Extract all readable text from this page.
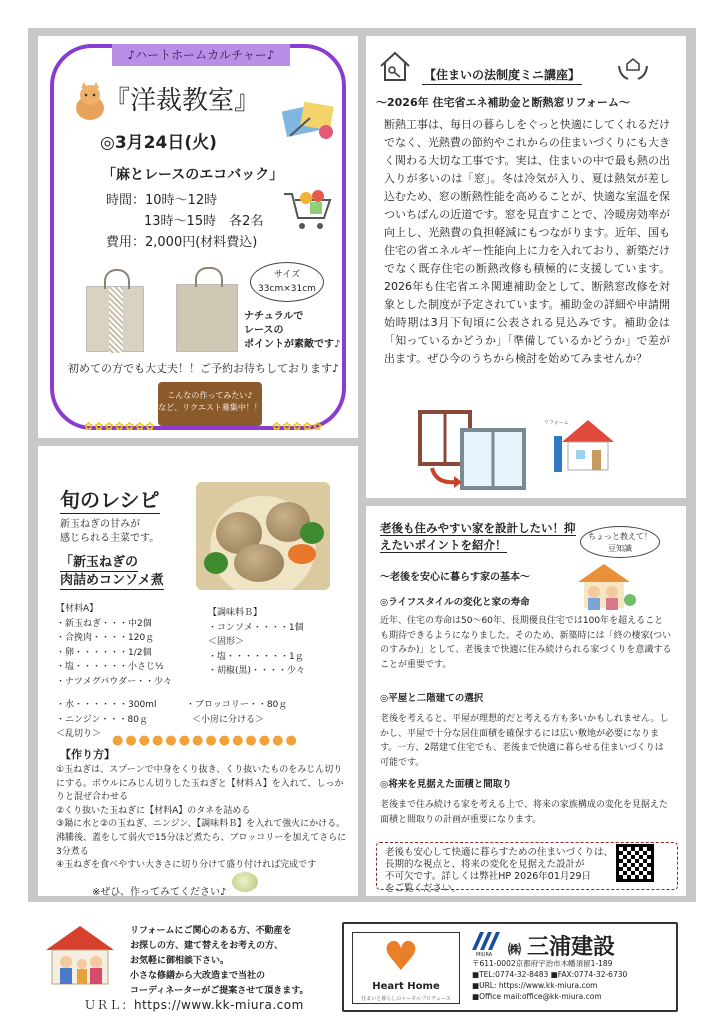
♪ハートホームカルチャー♪
『洋裁教室』
◎3月24日(火)
「麻とレースのエコバック」
時間：10時～12時
13時～15時　各2名
費用：2,000円(材料費込)
サイズ
33cm×31cm
ナチュラルで
レースの
ポイントが素敵です♪
初めての方でも大丈夫！！ご予約お待ちしております♪
こんなの作ってみたい♪
など、リクエスト募集中！！
✿✿✿✿✿✿✿	✿✿✿✿✿
【住まいの法制度ミニ講座】
～2026年 住宅省エネ補助金と断熱窓リフォーム～

断熱工事は、毎日の暮らしをぐっと快適にしてくれるだけでなく、光熱費の節約やこれからの住まいづくりにも大きく関わる大切な工事です。実は、住まいの中で最も熱の出入りが多いのは「窓」。冬は冷気が入り、夏は熱気が差し込むため、窓の断熱性能を高めることが、快適な室温を保ついちばんの近道です。窓を見直すことで、冷暖房効率が向上し、光熱費の負担軽減にもつながります。近年、国も住宅の省エネルギー性能向上に力を入れており、新築だけでなく既存住宅の断熱改修も積極的に支援しています。2026年も住宅省エネ関連補助金として、断熱窓改修を対象とした制度が予定されています。補助金の詳細や申請開始時期は3月下旬頃に公表される見込みです。補助金は「知っているかどうか」「準備しているかどうか」で差が出ます。ぜひ今のうちから検討を始めてみませんか？

リフォーム
旬のレシピ
新玉ねぎの甘みが
感じられる主菜です。
「新玉ねぎの
肉詰めコンソメ煮
【材料A】
・新玉ねぎ・・・中2個
・合挽肉・・・・120ｇ
・卵・・・・・・1/2個
・塩・・・・・・小さじ½
・ナツメグパウダー・・少々
【調味料Ｂ】
・コンソメ・・・・1個
＜固形＞
・塩・・・・・・・1ｇ
・胡椒(黒)・・・・少々
・水・・・・・・300ml
・ニンジン・・・80ｇ
＜乱切り＞
・ブロッコリー・・80ｇ
＜小房に分ける＞
【作り方】
●●●●●●●●●●●●●●
①玉ねぎは、スプーンで中身をくり抜き、くり抜いたものをみじん切りにする。ボウルにみじん切りした玉ねぎと【材料Ａ】を入れて、しっかりと混ぜ合わせる
②くり抜いた玉ねぎに【材料A】のタネを詰める
③鍋に水と②の玉ねぎ、ニンジン、【調味料Ｂ】を入れて強火にかける。沸騰後、蓋をして弱火で15分ほど煮たら、ブロッコリーを加えてさらに3分煮る
④玉ねぎを食べやすい大きさに切り分けて盛り付ければ完成です
※ぜひ、作ってみてください♪
老後も住みやすい家を設計したい！抑えたいポイントを紹介！
ちょっと教えて！
豆知識
～老後を安心に暮らす家の基本～
◎ライフスタイルの変化と家の寿命

近年、住宅の寿命は50～60年、長期優良住宅では100年を超えることも期待できるようになりました。そのため、新築時には「終の棲家(ついのすみか)」として、老後まで快適に住み続けられる家づくりを意識することが重要です。

◎平屋と二階建ての選択

老後を考えると、平屋が理想的だと考える方も多いかもしれません。しかし、平屋で十分な居住面積を確保するには広い敷地が必要になります。一方、2階建て住宅でも、老後まで快適に暮らせる住まいづくりは可能です。

◎将来を見据えた面積と間取り

老後まで住み続ける家を考える上で、将来の家族構成の変化を見据えた面積と間取りの計画が重要になります。

老後も安心して快適に暮らすための住まいづくりは、
長期的な視点と、将来の変化を見据えた設計が
不可欠です。詳しくは弊社HP 2026年01月29日
をご覧ください。
リフォームにご関心のある方、不動産を
お探しの方、建て替えをお考えの方、
お気軽に御相談下さい。
小さな修繕から大改造まで当社の
コーディネーターがご提案させて頂きます。
ＵＲＬ：https://www.kk-miura.com
♥
Heart Home
住まいと暮らしのトータルプロデュース
㈱ 三浦建設
MIURA
〒611-0002京都府宇治市木幡須留1-189
■TEL:0774-32-8483 ■FAX:0774-32-6730
■URL: https://www.kk-miura.com
■Office mail:office@kk-miura.com
